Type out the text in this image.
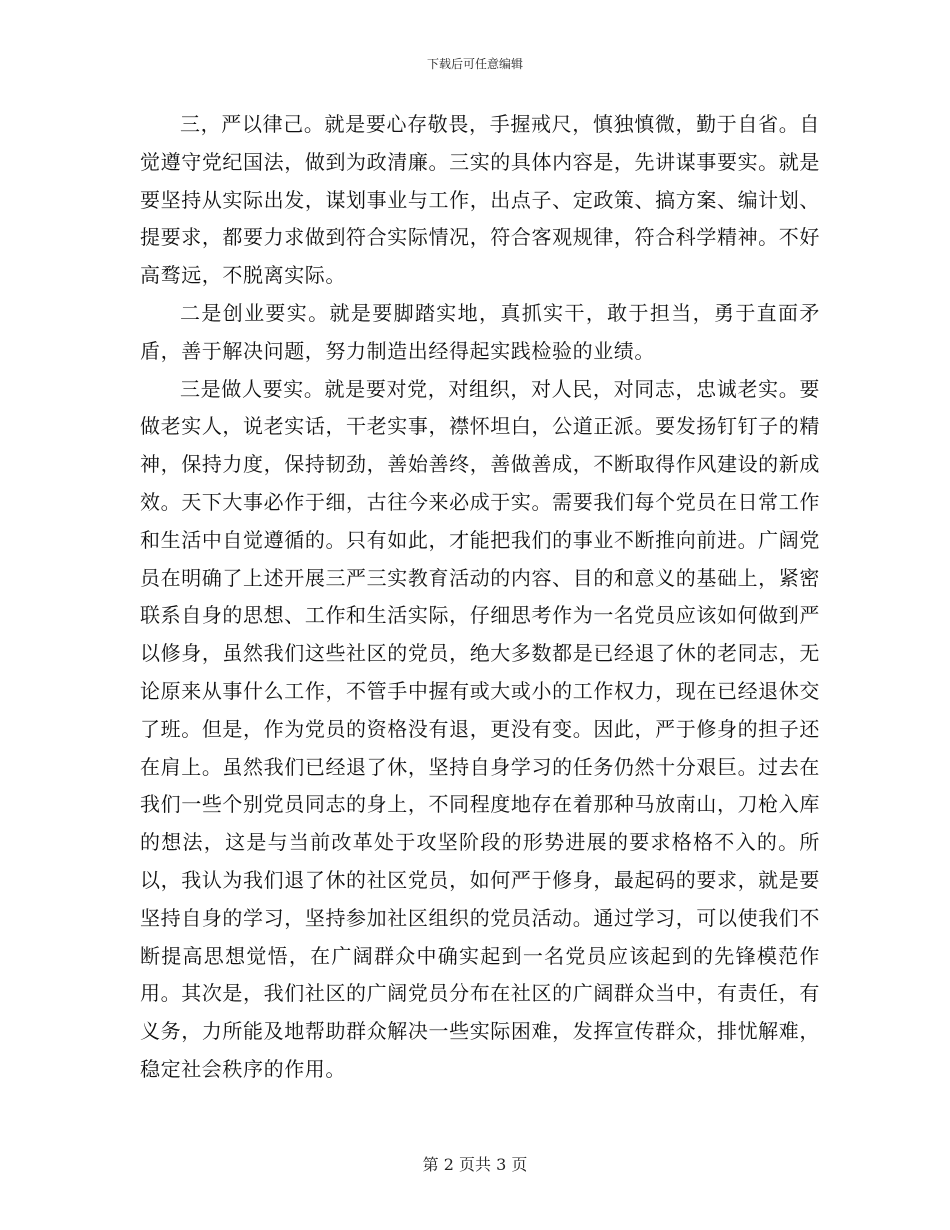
下载后可任意编辑

三，严以律己。就是要心存敬畏，手握戒尺，慎独慎微，勤于自省。自觉遵守党纪国法，做到为政清廉。三实的具体内容是，先讲谋事要实。就是要坚持从实际出发，谋划事业与工作，出点子、定政策、搞方案、编计划、提要求，都要力求做到符合实际情况，符合客观规律，符合科学精神。不好高骛远，不脱离实际。

二是创业要实。就是要脚踏实地，真抓实干，敢于担当，勇于直面矛盾，善于解决问题，努力制造出经得起实践检验的业绩。

三是做人要实。就是要对党，对组织，对人民，对同志，忠诚老实。要做老实人，说老实话，干老实事，襟怀坦白，公道正派。要发扬钉钉子的精神，保持力度，保持韧劲，善始善终，善做善成，不断取得作风建设的新成效。天下大事必作于细，古往今来必成于实。需要我们每个党员在日常工作和生活中自觉遵循的。只有如此，才能把我们的事业不断推向前进。广阔党员在明确了上述开展三严三实教育活动的内容、目的和意义的基础上，紧密联系自身的思想、工作和生活实际，仔细思考作为一名党员应该如何做到严以修身，虽然我们这些社区的党员，绝大多数都是已经退了休的老同志，无论原来从事什么工作，不管手中握有或大或小的工作权力，现在已经退休交了班。但是，作为党员的资格没有退，更没有变。因此，严于修身的担子还在肩上。虽然我们已经退了休，坚持自身学习的任务仍然十分艰巨。过去在我们一些个别党员同志的身上，不同程度地存在着那种马放南山，刀枪入库的想法，这是与当前改革处于攻坚阶段的形势进展的要求格格不入的。所以，我认为我们退了休的社区党员，如何严于修身，最起码的要求，就是要坚持自身的学习，坚持参加社区组织的党员活动。通过学习，可以使我们不断提高思想觉悟，在广阔群众中确实起到一名党员应该起到的先锋模范作用。其次是，我们社区的广阔党员分布在社区的广阔群众当中，有责任，有义务，力所能及地帮助群众解决一些实际困难，发挥宣传群众，排忧解难，稳定社会秩序的作用。

第 2 页共 3 页
